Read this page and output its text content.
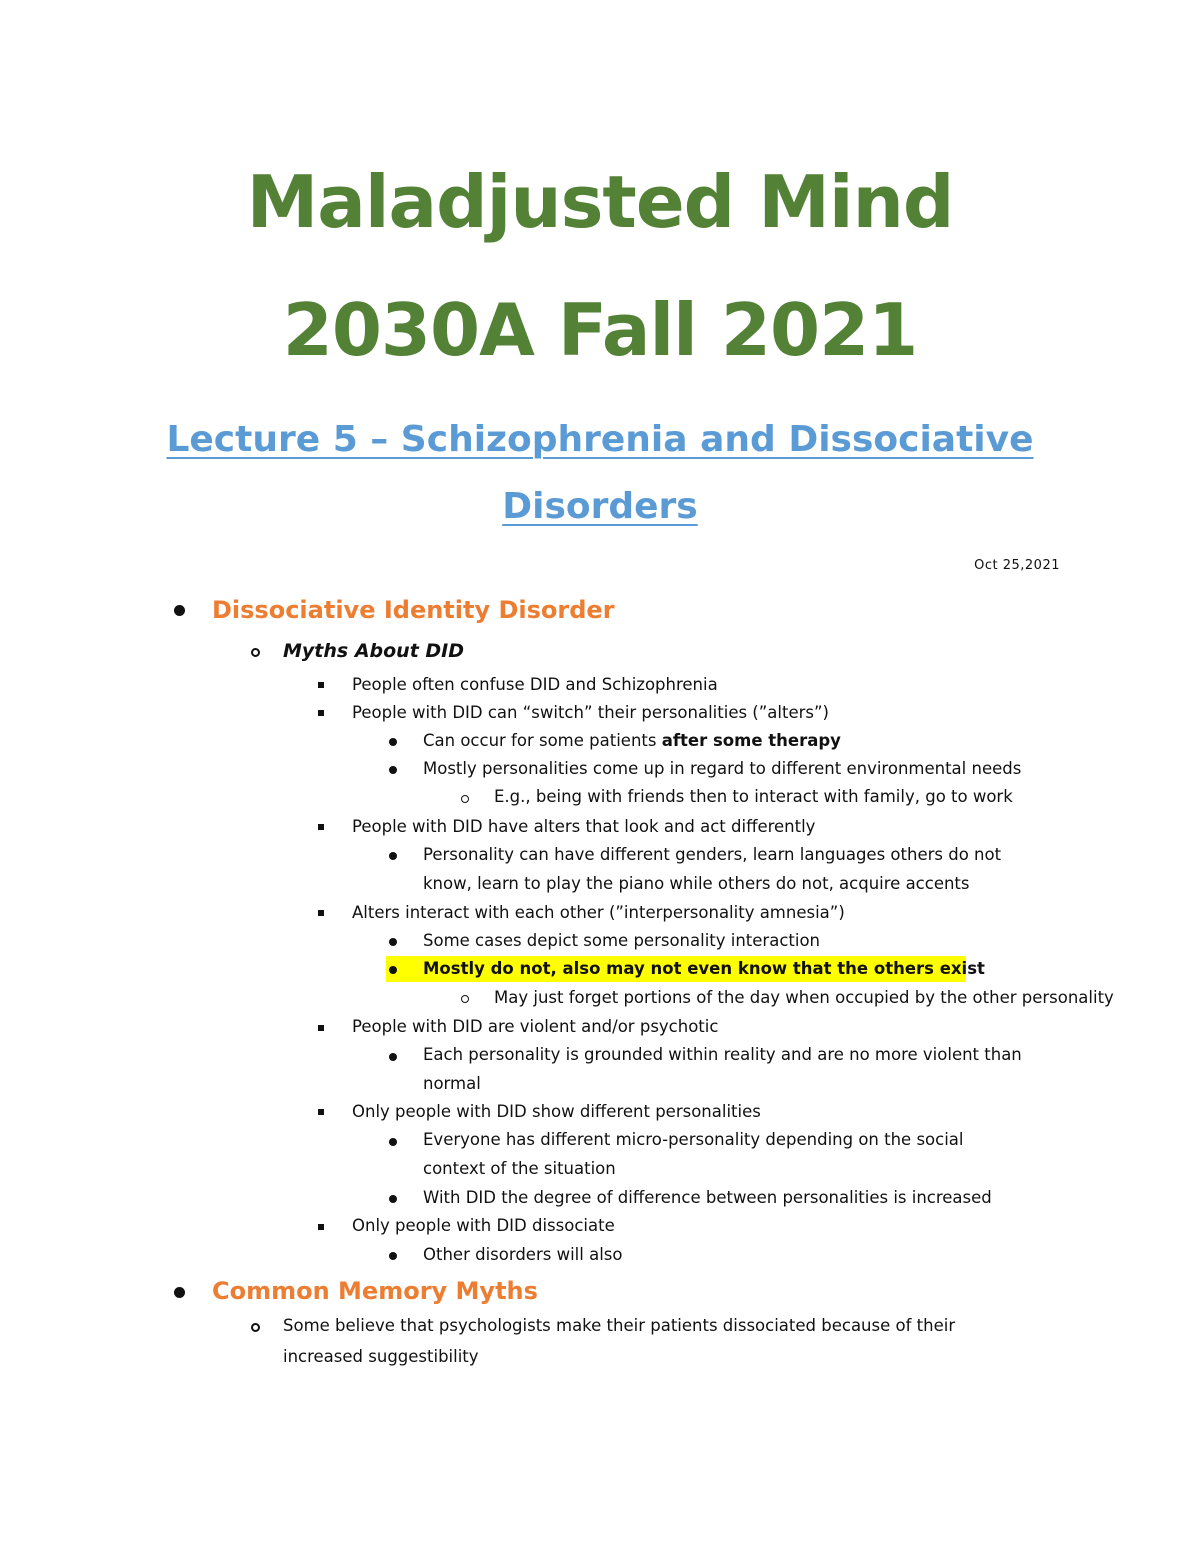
Maladjusted Mind
2030A Fall 2021
Lecture 5 – Schizophrenia and Dissociative
Disorders
Oct 25,2021
Dissociative Identity Disorder
Myths About DID
People often confuse DID and Schizophrenia
People with DID can “switch” their personalities (”alters”)
Can occur for some patients after some therapy
Mostly personalities come up in regard to different environmental needs
E.g., being with friends then to interact with family, go to work
People with DID have alters that look and act differently
Personality can have different genders, learn languages others do not
know, learn to play the piano while others do not, acquire accents
Alters interact with each other (”interpersonality amnesia”)
Some cases depict some personality interaction
Mostly do not, also may not even know that the others exist
May just forget portions of the day when occupied by the other personality
People with DID are violent and/or psychotic
Each personality is grounded within reality and are no more violent than
normal
Only people with DID show different personalities
Everyone has different micro-personality depending on the social
context of the situation
With DID the degree of difference between personalities is increased
Only people with DID dissociate
Other disorders will also
Common Memory Myths
Some believe that psychologists make their patients dissociated because of their
increased suggestibility
